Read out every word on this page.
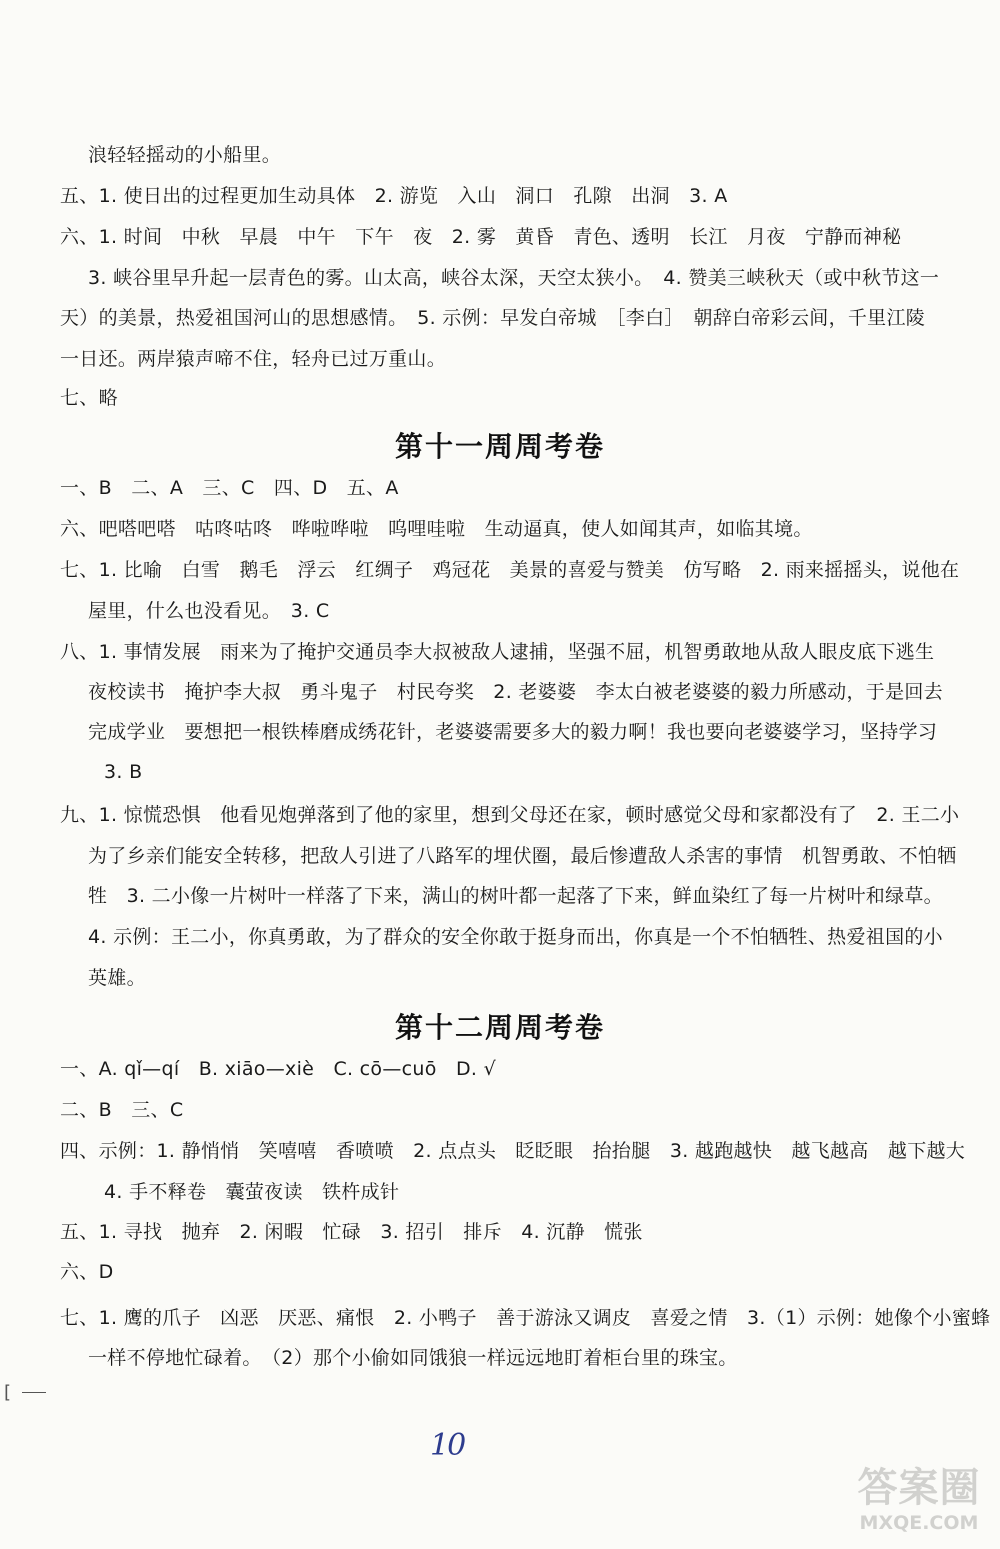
浪轻轻摇动的小船里。
五、1. 使日出的过程更加生动具体　2. 游览　入山　洞口　孔隙　出洞　3. A
六、1. 时间　中秋　早晨　中午　下午　夜　2. 雾　黄昏　青色、透明　长江　月夜　宁静而神秘
3. 峡谷里早升起一层青色的雾。山太高，峡谷太深，天空太狭小。　4. 赞美三峡秋天（或中秋节这一
天）的美景，热爱祖国河山的思想感情。　5. 示例：早发白帝城　［李白］　朝辞白帝彩云间，千里江陵
一日还。两岸猿声啼不住，轻舟已过万重山。
七、略
第十一周周考卷
一、B　二、A　三、C　四、D　五、A
六、吧嗒吧嗒　咕咚咕咚　哗啦哗啦　呜哩哇啦　生动逼真，使人如闻其声，如临其境。
七、1. 比喻　白雪　鹅毛　浮云　红绸子　鸡冠花　美景的喜爱与赞美　仿写略　2. 雨来摇摇头，说他在
屋里，什么也没看见。　3. C
八、1. 事情发展　雨来为了掩护交通员李大叔被敌人逮捕，坚强不屈，机智勇敢地从敌人眼皮底下逃生
夜校读书　掩护李大叔　勇斗鬼子　村民夸奖　2. 老婆婆　李太白被老婆婆的毅力所感动，于是回去
完成学业　要想把一根铁棒磨成绣花针，老婆婆需要多大的毅力啊！我也要向老婆婆学习，坚持学习
3. B
九、1. 惊慌恐惧　他看见炮弹落到了他的家里，想到父母还在家，顿时感觉父母和家都没有了　2. 王二小
为了乡亲们能安全转移，把敌人引进了八路军的埋伏圈，最后惨遭敌人杀害的事情　机智勇敢、不怕牺
牲　3. 二小像一片树叶一样落了下来，满山的树叶都一起落了下来，鲜血染红了每一片树叶和绿草。
4. 示例：王二小，你真勇敢，为了群众的安全你敢于挺身而出，你真是一个不怕牺牲、热爱祖国的小
英雄。
第十二周周考卷
一、A. qǐ—qí　B. xiāo—xiè　C. cō—cuō　D. √
二、B　三、C
四、示例：1. 静悄悄　笑嘻嘻　香喷喷　2. 点点头　眨眨眼　抬抬腿　3. 越跑越快　越飞越高　越下越大
4. 手不释卷　囊萤夜读　铁杵成针
五、1. 寻找　抛弃　2. 闲暇　忙碌　3. 招引　排斥　4. 沉静　慌张
六、D
七、1. 鹰的爪子　凶恶　厌恶、痛恨　2. 小鸭子　善于游泳又调皮　喜爱之情　3.（1）示例：她像个小蜜蜂
一样不停地忙碌着。　（2）那个小偷如同饿狼一样远远地盯着柜台里的珠宝。
[
10
答案圈
MXQE.COM
